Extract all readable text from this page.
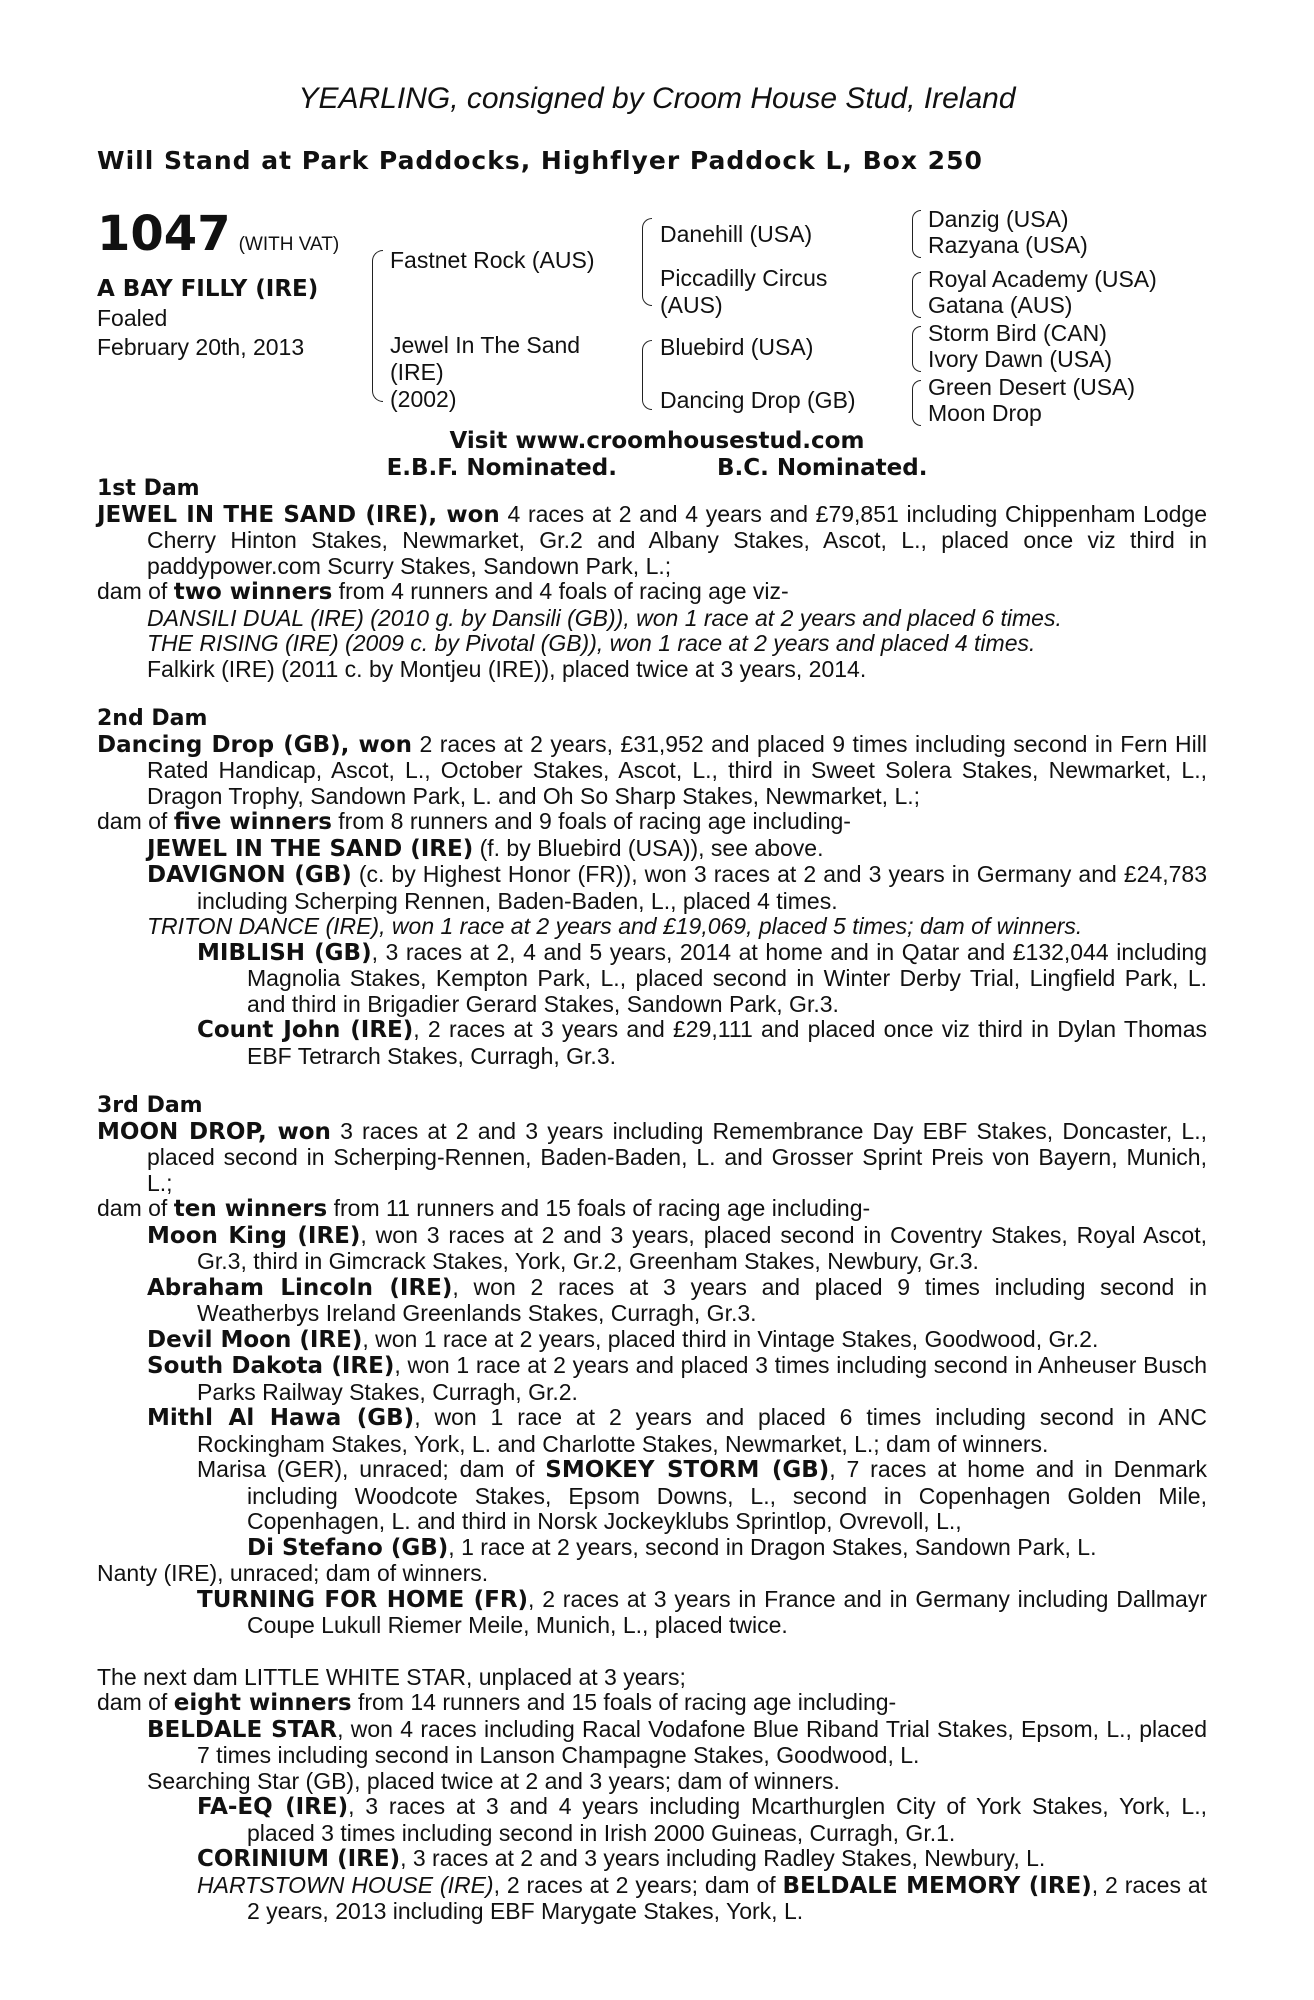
YEARLING, consigned by Croom House Stud, Ireland
Will Stand at Park Paddocks, Highflyer Paddock L, Box 250
1047 (WITH VAT)
A BAY FILLY (IRE)
Foaled
February 20th, 2013
Fastnet Rock (AUS)
Jewel In The Sand
(IRE)
(2002)
Danehill (USA)
Piccadilly Circus
(AUS)
Bluebird (USA)
Dancing Drop (GB)
Danzig (USA)
Razyana (USA)
Royal Academy (USA)
Gatana (AUS)
Storm Bird (CAN)
Ivory Dawn (USA)
Green Desert (USA)
Moon Drop
Visit www.croomhousestud.com
E.B.F. Nominated.	B.C. Nominated.
1st Dam
JEWEL IN THE SAND (IRE), won 4 races at 2 and 4 years and £79,851 including Chippenham Lodge Cherry Hinton Stakes, Newmarket, Gr.2 and Albany Stakes, Ascot, L., placed once viz third in paddypower.com Scurry Stakes, Sandown Park, L.;
dam of two winners from 4 runners and 4 foals of racing age viz-
DANSILI DUAL (IRE) (2010 g. by Dansili (GB)), won 1 race at 2 years and placed 6 times.
THE RISING (IRE) (2009 c. by Pivotal (GB)), won 1 race at 2 years and placed 4 times.
Falkirk (IRE) (2011 c. by Montjeu (IRE)), placed twice at 3 years, 2014.
2nd Dam
Dancing Drop (GB), won 2 races at 2 years, £31,952 and placed 9 times including second in Fern Hill Rated Handicap, Ascot, L., October Stakes, Ascot, L., third in Sweet Solera Stakes, Newmarket, L., Dragon Trophy, Sandown Park, L. and Oh So Sharp Stakes, Newmarket, L.;
dam of five winners from 8 runners and 9 foals of racing age including-
JEWEL IN THE SAND (IRE) (f. by Bluebird (USA)), see above.
DAVIGNON (GB) (c. by Highest Honor (FR)), won 3 races at 2 and 3 years in Germany and £24,783 including Scherping Rennen, Baden-Baden, L., placed 4 times.
TRITON DANCE (IRE), won 1 race at 2 years and £19,069, placed 5 times; dam of winners.
MIBLISH (GB), 3 races at 2, 4 and 5 years, 2014 at home and in Qatar and £132,044 including Magnolia Stakes, Kempton Park, L., placed second in Winter Derby Trial, Lingfield Park, L. and third in Brigadier Gerard Stakes, Sandown Park, Gr.3.
Count John (IRE), 2 races at 3 years and £29,111 and placed once viz third in Dylan Thomas EBF Tetrarch Stakes, Curragh, Gr.3.
3rd Dam
MOON DROP, won 3 races at 2 and 3 years including Remembrance Day EBF Stakes, Doncaster, L., placed second in Scherping-Rennen, Baden-Baden, L. and Grosser Sprint Preis von Bayern, Munich, L.;
dam of ten winners from 11 runners and 15 foals of racing age including-
Moon King (IRE), won 3 races at 2 and 3 years, placed second in Coventry Stakes, Royal Ascot, Gr.3, third in Gimcrack Stakes, York, Gr.2, Greenham Stakes, Newbury, Gr.3.
Abraham Lincoln (IRE), won 2 races at 3 years and placed 9 times including second in Weatherbys Ireland Greenlands Stakes, Curragh, Gr.3.
Devil Moon (IRE), won 1 race at 2 years, placed third in Vintage Stakes, Goodwood, Gr.2.
South Dakota (IRE), won 1 race at 2 years and placed 3 times including second in Anheuser Busch Parks Railway Stakes, Curragh, Gr.2.
Mithl Al Hawa (GB), won 1 race at 2 years and placed 6 times including second in ANC Rockingham Stakes, York, L. and Charlotte Stakes, Newmarket, L.; dam of winners.
Marisa (GER), unraced; dam of SMOKEY STORM (GB), 7 races at home and in Denmark including Woodcote Stakes, Epsom Downs, L., second in Copenhagen Golden Mile, Copenhagen, L. and third in Norsk Jockeyklubs Sprintlop, Ovrevoll, L.,
Di Stefano (GB), 1 race at 2 years, second in Dragon Stakes, Sandown Park, L.
Nanty (IRE), unraced; dam of winners.
TURNING FOR HOME (FR), 2 races at 3 years in France and in Germany including Dallmayr Coupe Lukull Riemer Meile, Munich, L., placed twice.
The next dam LITTLE WHITE STAR, unplaced at 3 years;
dam of eight winners from 14 runners and 15 foals of racing age including-
BELDALE STAR, won 4 races including Racal Vodafone Blue Riband Trial Stakes, Epsom, L., placed 7 times including second in Lanson Champagne Stakes, Goodwood, L.
Searching Star (GB), placed twice at 2 and 3 years; dam of winners.
FA-EQ (IRE), 3 races at 3 and 4 years including Mcarthurglen City of York Stakes, York, L., placed 3 times including second in Irish 2000 Guineas, Curragh, Gr.1.
CORINIUM (IRE), 3 races at 2 and 3 years including Radley Stakes, Newbury, L.
HARTSTOWN HOUSE (IRE), 2 races at 2 years; dam of BELDALE MEMORY (IRE), 2 races at 2 years, 2013 including EBF Marygate Stakes, York, L.
